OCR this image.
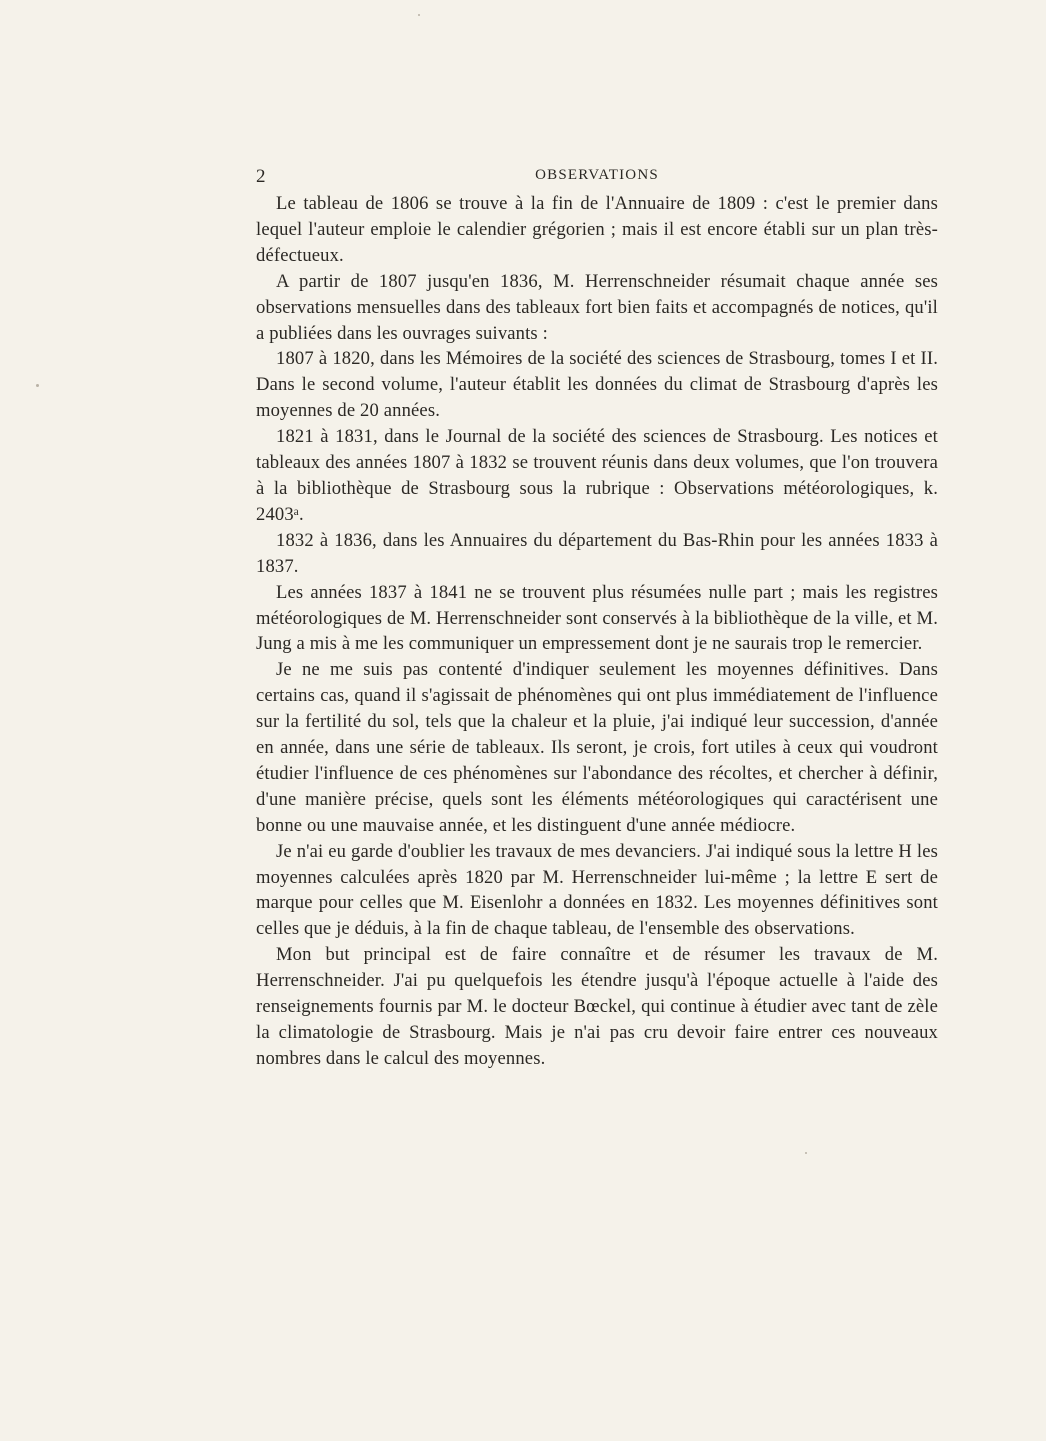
2	OBSERVATIONS

Le tableau de 1806 se trouve à la fin de l'Annuaire de 1809 : c'est le premier dans lequel l'auteur emploie le calendier grégorien ; mais il est encore établi sur un plan très-défectueux.

A partir de 1807 jusqu'en 1836, M. Herrenschneider résumait chaque année ses observations mensuelles dans des tableaux fort bien faits et accompagnés de notices, qu'il a publiées dans les ouvrages suivants :

1807 à 1820, dans les Mémoires de la société des sciences de Strasbourg, tomes I et II. Dans le second volume, l'auteur établit les données du climat de Strasbourg d'après les moyennes de 20 années.

1821 à 1831, dans le Journal de la société des sciences de Strasbourg. Les notices et tableaux des années 1807 à 1832 se trouvent réunis dans deux volumes, que l'on trouvera à la bibliothèque de Strasbourg sous la rubrique : Observations météorologiques, k. 2403ᵃ.

1832 à 1836, dans les Annuaires du département du Bas-Rhin pour les années 1833 à 1837.

Les années 1837 à 1841 ne se trouvent plus résumées nulle part ; mais les registres météorologiques de M. Herrenschneider sont conservés à la bibliothèque de la ville, et M. Jung a mis à me les communiquer un empressement dont je ne saurais trop le remercier.

Je ne me suis pas contenté d'indiquer seulement les moyennes définitives. Dans certains cas, quand il s'agissait de phénomènes qui ont plus immédiatement de l'influence sur la fertilité du sol, tels que la chaleur et la pluie, j'ai indiqué leur succession, d'année en année, dans une série de tableaux. Ils seront, je crois, fort utiles à ceux qui voudront étudier l'influence de ces phénomènes sur l'abondance des récoltes, et chercher à définir, d'une manière précise, quels sont les éléments météorologiques qui caractérisent une bonne ou une mauvaise année, et les distinguent d'une année médiocre.

Je n'ai eu garde d'oublier les travaux de mes devanciers. J'ai indiqué sous la lettre H les moyennes calculées après 1820 par M. Herrenschneider lui-même ; la lettre E sert de marque pour celles que M. Eisenlohr a données en 1832. Les moyennes définitives sont celles que je déduis, à la fin de chaque tableau, de l'ensemble des observations.

Mon but principal est de faire connaître et de résumer les travaux de M. Herrenschneider. J'ai pu quelquefois les étendre jusqu'à l'époque actuelle à l'aide des renseignements fournis par M. le docteur Bœckel, qui continue à étudier avec tant de zèle la climatologie de Strasbourg. Mais je n'ai pas cru devoir faire entrer ces nouveaux nombres dans le calcul des moyennes.
